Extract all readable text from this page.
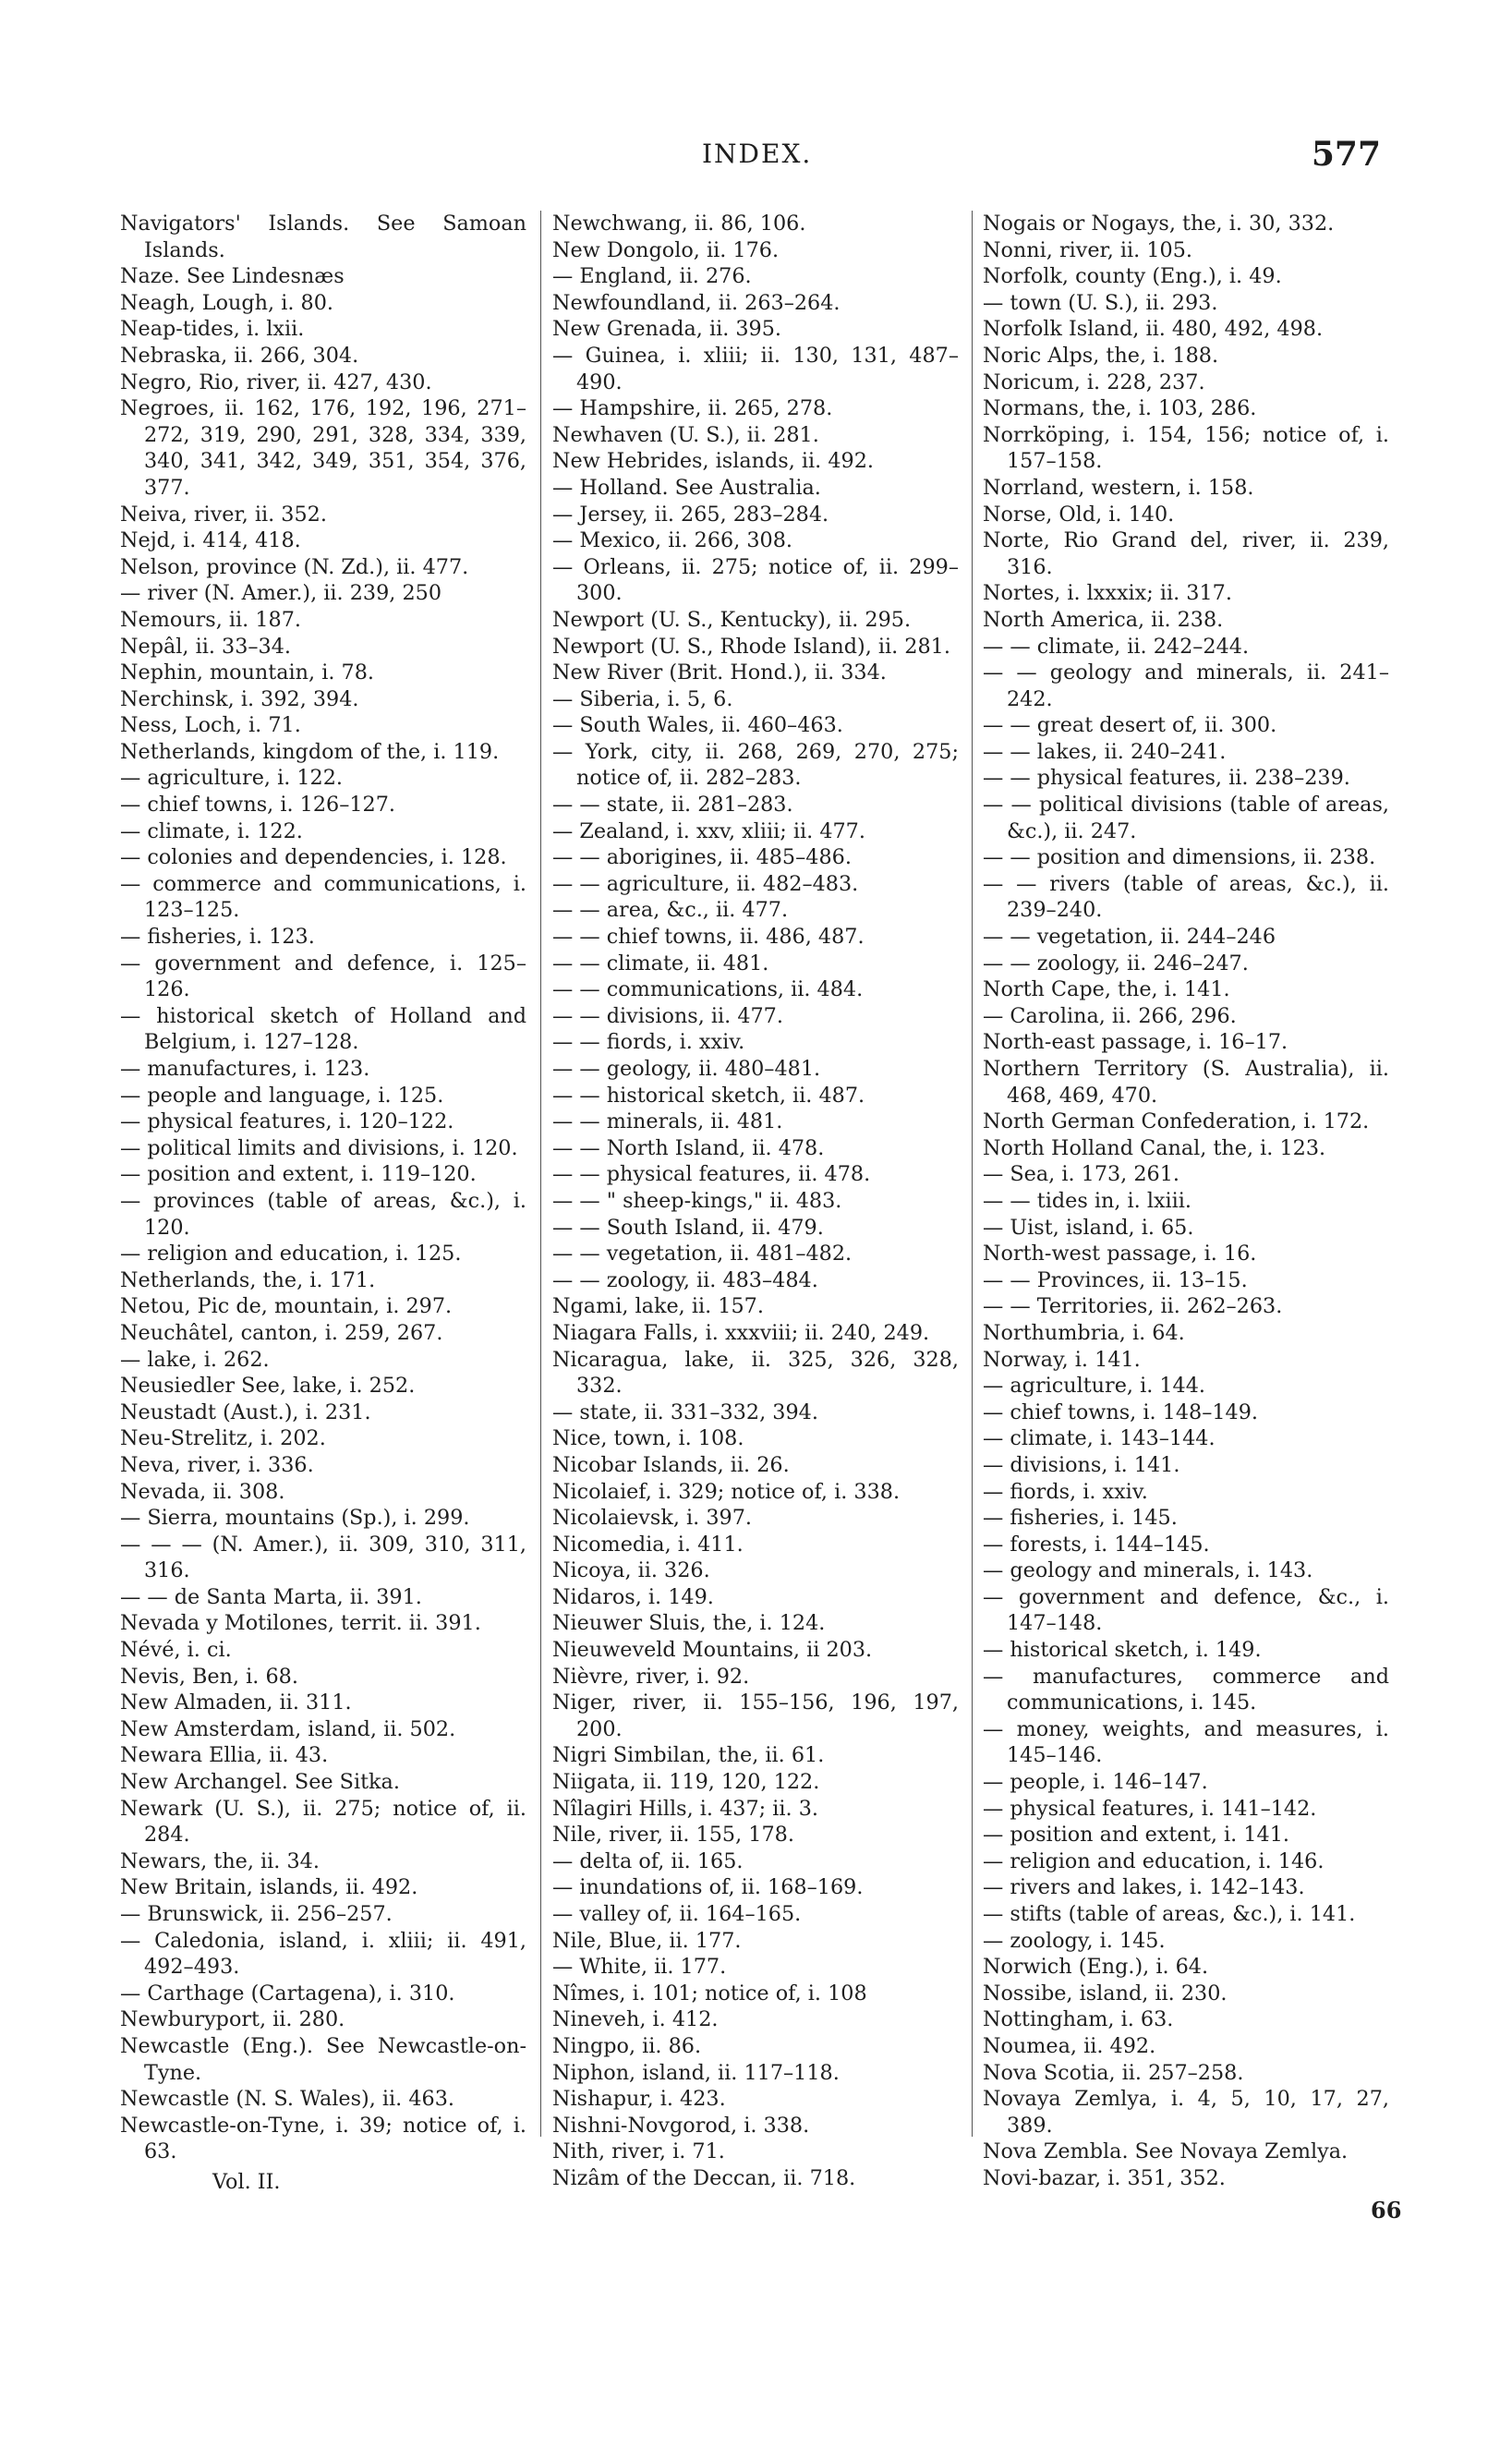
INDEX.	577
Navigators' Islands. See Samoan Islands.
Naze. See Lindesnæs
Neagh, Lough, i. 80.
Neap-tides, i. lxii.
Nebraska, ii. 266, 304.
Negro, Rio, river, ii. 427, 430.
Negroes, ii. 162, 176, 192, 196, 271–272, 319, 290, 291, 328, 334, 339, 340, 341, 342, 349, 351, 354, 376, 377.
Neiva, river, ii. 352.
Nejd, i. 414, 418.
Nelson, province (N. Zd.), ii. 477.
— river (N. Amer.), ii. 239, 250
Nemours, ii. 187.
Nepâl, ii. 33–34.
Nephin, mountain, i. 78.
Nerchinsk, i. 392, 394.
Ness, Loch, i. 71.
Netherlands, kingdom of the, i. 119.
— agriculture, i. 122.
— chief towns, i. 126–127.
— climate, i. 122.
— colonies and dependencies, i. 128.
— commerce and communications, i. 123–125.
— fisheries, i. 123.
— government and defence, i. 125–126.
— historical sketch of Holland and Belgium, i. 127–128.
— manufactures, i. 123.
— people and language, i. 125.
— physical features, i. 120–122.
— political limits and divisions, i. 120.
— position and extent, i. 119–120.
— provinces (table of areas, &c.), i. 120.
— religion and education, i. 125.
Netherlands, the, i. 171.
Netou, Pic de, mountain, i. 297.
Neuchâtel, canton, i. 259, 267.
— lake, i. 262.
Neusiedler See, lake, i. 252.
Neustadt (Aust.), i. 231.
Neu-Strelitz, i. 202.
Neva, river, i. 336.
Nevada, ii. 308.
— Sierra, mountains (Sp.), i. 299.
— — — (N. Amer.), ii. 309, 310, 311, 316.
— — de Santa Marta, ii. 391.
Nevada y Motilones, territ. ii. 391.
Névé, i. ci.
Nevis, Ben, i. 68.
New Almaden, ii. 311.
New Amsterdam, island, ii. 502.
Newara Ellia, ii. 43.
New Archangel. See Sitka.
Newark (U. S.), ii. 275; notice of, ii. 284.
Newars, the, ii. 34.
New Britain, islands, ii. 492.
— Brunswick, ii. 256–257.
— Caledonia, island, i. xliii; ii. 491, 492–493.
— Carthage (Cartagena), i. 310.
Newburyport, ii. 280.
Newcastle (Eng.). See Newcastle-on-Tyne.
Newcastle (N. S. Wales), ii. 463.
Newcastle-on-Tyne, i. 39; notice of, i. 63.
Vol. II.
Newchwang, ii. 86, 106.
New Dongolo, ii. 176.
— England, ii. 276.
Newfoundland, ii. 263–264.
New Grenada, ii. 395.
— Guinea, i. xliii; ii. 130, 131, 487–490.
— Hampshire, ii. 265, 278.
Newhaven (U. S.), ii. 281.
New Hebrides, islands, ii. 492.
— Holland. See Australia.
— Jersey, ii. 265, 283–284.
— Mexico, ii. 266, 308.
— Orleans, ii. 275; notice of, ii. 299–300.
Newport (U. S., Kentucky), ii. 295.
Newport (U. S., Rhode Island), ii. 281.
New River (Brit. Hond.), ii. 334.
— Siberia, i. 5, 6.
— South Wales, ii. 460–463.
— York, city, ii. 268, 269, 270, 275; notice of, ii. 282–283.
— — state, ii. 281–283.
— Zealand, i. xxv, xliii; ii. 477.
— — aborigines, ii. 485–486.
— — agriculture, ii. 482–483.
— — area, &c., ii. 477.
— — chief towns, ii. 486, 487.
— — climate, ii. 481.
— — communications, ii. 484.
— — divisions, ii. 477.
— — fiords, i. xxiv.
— — geology, ii. 480–481.
— — historical sketch, ii. 487.
— — minerals, ii. 481.
— — North Island, ii. 478.
— — physical features, ii. 478.
— — " sheep-kings," ii. 483.
— — South Island, ii. 479.
— — vegetation, ii. 481–482.
— — zoology, ii. 483–484.
Ngami, lake, ii. 157.
Niagara Falls, i. xxxviii; ii. 240, 249.
Nicaragua, lake, ii. 325, 326, 328, 332.
— state, ii. 331–332, 394.
Nice, town, i. 108.
Nicobar Islands, ii. 26.
Nicolaief, i. 329; notice of, i. 338.
Nicolaievsk, i. 397.
Nicomedia, i. 411.
Nicoya, ii. 326.
Nidaros, i. 149.
Nieuwer Sluis, the, i. 124.
Nieuweveld Mountains, ii 203.
Nièvre, river, i. 92.
Niger, river, ii. 155–156, 196, 197, 200.
Nigri Simbilan, the, ii. 61.
Niigata, ii. 119, 120, 122.
Nîlagiri Hills, i. 437; ii. 3.
Nile, river, ii. 155, 178.
— delta of, ii. 165.
— inundations of, ii. 168–169.
— valley of, ii. 164–165.
Nile, Blue, ii. 177.
— White, ii. 177.
Nîmes, i. 101; notice of, i. 108
Nineveh, i. 412.
Ningpo, ii. 86.
Niphon, island, ii. 117–118.
Nishapur, i. 423.
Nishni-Novgorod, i. 338.
Nith, river, i. 71.
Nizâm of the Deccan, ii. 718.
Nogais or Nogays, the, i. 30, 332.
Nonni, river, ii. 105.
Norfolk, county (Eng.), i. 49.
— town (U. S.), ii. 293.
Norfolk Island, ii. 480, 492, 498.
Noric Alps, the, i. 188.
Noricum, i. 228, 237.
Normans, the, i. 103, 286.
Norrköping, i. 154, 156; notice of, i. 157–158.
Norrland, western, i. 158.
Norse, Old, i. 140.
Norte, Rio Grand del, river, ii. 239, 316.
Nortes, i. lxxxix; ii. 317.
North America, ii. 238.
— — climate, ii. 242–244.
— — geology and minerals, ii. 241–242.
— — great desert of, ii. 300.
— — lakes, ii. 240–241.
— — physical features, ii. 238–239.
— — political divisions (table of areas, &c.), ii. 247.
— — position and dimensions, ii. 238.
— — rivers (table of areas, &c.), ii. 239–240.
— — vegetation, ii. 244–246
— — zoology, ii. 246–247.
North Cape, the, i. 141.
— Carolina, ii. 266, 296.
North-east passage, i. 16–17.
Northern Territory (S. Australia), ii. 468, 469, 470.
North German Confederation, i. 172.
North Holland Canal, the, i. 123.
— Sea, i. 173, 261.
— — tides in, i. lxiii.
— Uist, island, i. 65.
North-west passage, i. 16.
— — Provinces, ii. 13–15.
— — Territories, ii. 262–263.
Northumbria, i. 64.
Norway, i. 141.
— agriculture, i. 144.
— chief towns, i. 148–149.
— climate, i. 143–144.
— divisions, i. 141.
— fiords, i. xxiv.
— fisheries, i. 145.
— forests, i. 144–145.
— geology and minerals, i. 143.
— government and defence, &c., i. 147–148.
— historical sketch, i. 149.
— manufactures, commerce and communications, i. 145.
— money, weights, and measures, i. 145–146.
— people, i. 146–147.
— physical features, i. 141–142.
— position and extent, i. 141.
— religion and education, i. 146.
— rivers and lakes, i. 142–143.
— stifts (table of areas, &c.), i. 141.
— zoology, i. 145.
Norwich (Eng.), i. 64.
Nossibe, island, ii. 230.
Nottingham, i. 63.
Noumea, ii. 492.
Nova Scotia, ii. 257–258.
Novaya Zemlya, i. 4, 5, 10, 17, 27, 389.
Nova Zembla. See Novaya Zemlya.
Novi-bazar, i. 351, 352.
66
